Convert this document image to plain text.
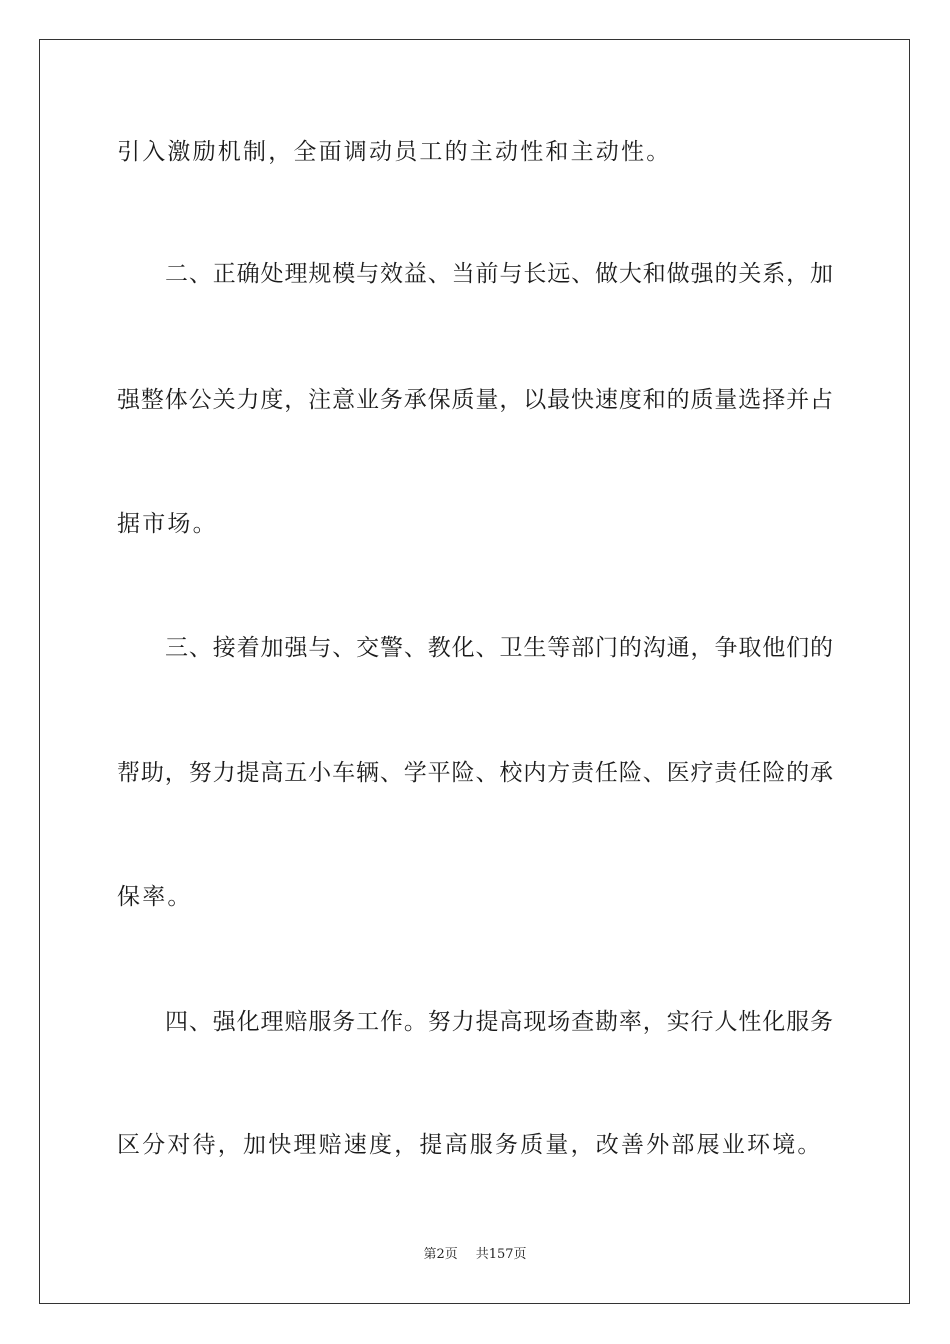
引入激励机制，全面调动员工的主动性和主动性。
二、正确处理规模与效益、当前与长远、做大和做强的关系，加
强整体公关力度，注意业务承保质量，以最快速度和的质量选择并占
据市场。
三、接着加强与、交警、教化、卫生等部门的沟通，争取他们的
帮助，努力提高五小车辆、学平险、校内方责任险、医疗责任险的承
保率。
四、强化理赔服务工作。努力提高现场查勘率，实行人性化服务
区分对待，加快理赔速度，提高服务质量，改善外部展业环境。
第2页 共157页
